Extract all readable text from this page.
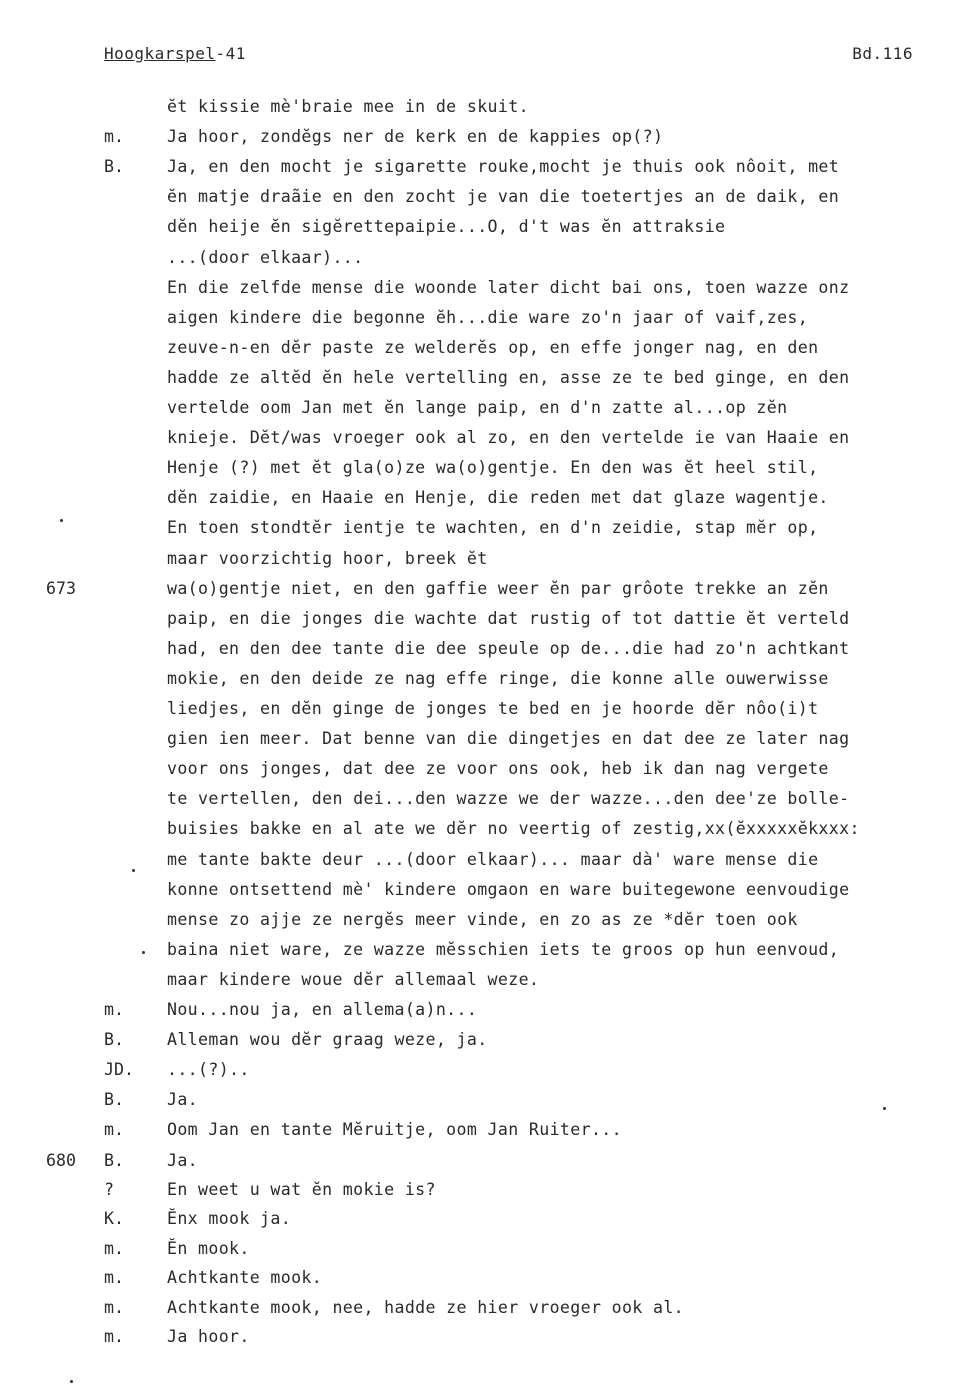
Hoogkarspel-41	Bd.116
ĕt kissie mè'braie mee in de skuit.
m.	Ja hoor, zondĕgs ner de kerk en de kappies op(?)
B.	Ja, en den mocht je sigarette rouke,mocht je thuis ook nôoit, met
ĕn matje draãie en den zocht je van die toetertjes an de daik, en
dĕn heije ĕn sigĕrettepaipie...O, d't was ĕn attraksie
...(door elkaar)...
En die zelfde mense die woonde later dicht bai ons, toen wazze onz
aigen kindere die begonne ĕh...die ware zo'n jaar of vaif,zes,
zeuve-n-en dĕr paste ze welderĕs op, en effe jonger nag, en den
hadde ze altĕd ĕn hele vertelling en, asse ze te bed ginge, en den
vertelde oom Jan met ĕn lange paip, en d'n zatte al...op zĕn
knieje. Dĕt/was vroeger ook al zo, en den vertelde ie van Haaie en
Henje (?) met ĕt gla(o)ze wa(o)gentje. En den was ĕt heel stil,
dĕn zaidie, en Haaie en Henje, die reden met dat glaze wagentje.
En toen stondtĕr ientje te wachten, en d'n zeidie, stap mĕr op,
maar voorzichtig hoor, breek ĕt
673	wa(o)gentje niet, en den gaffie weer ĕn par grôote trekke an zĕn
paip, en die jonges die wachte dat rustig of tot dattie ĕt verteld
had, en den dee tante die dee speule op de...die had zo'n achtkant
mokie, en den deide ze nag effe ringe, die konne alle ouwerwisse
liedjes, en dĕn ginge de jonges te bed en je hoorde dĕr nôo(i)t
gien ien meer. Dat benne van die dingetjes en dat dee ze later nag
voor ons jonges, dat dee ze voor ons ook, heb ik dan nag vergete
te vertellen, den dei...den wazze we der wazze...den dee'ze bolle-
buisies bakke en al ate we dĕr no veertig of zestig,xx(ĕxxxxxĕkxxx:
me tante bakte deur ...(door elkaar)... maar dà' ware mense die
konne ontsettend mè' kindere omgaon en ware buitegewone eenvoudige
mense zo ajje ze nergĕs meer vinde, en zo as ze *dĕr toen ook
baina niet ware, ze wazze mĕsschien iets te groos op hun eenvoud,
maar kindere woue dĕr allemaal weze.
m.	Nou...nou ja, en allema(a)n...
B.	Alleman wou dĕr graag weze, ja.
JD. ...(?)..
B.	Ja.
m.	Oom Jan en tante Mĕruitje, oom Jan Ruiter...
680 B.	Ja.
?	En weet u wat ĕn mokie is?
K.	Ĕnx mook ja.
m.	Ĕn mook.
m.	Achtkante mook.
m.	Achtkante mook, nee, hadde ze hier vroeger ook al.
m.	Ja hoor.
